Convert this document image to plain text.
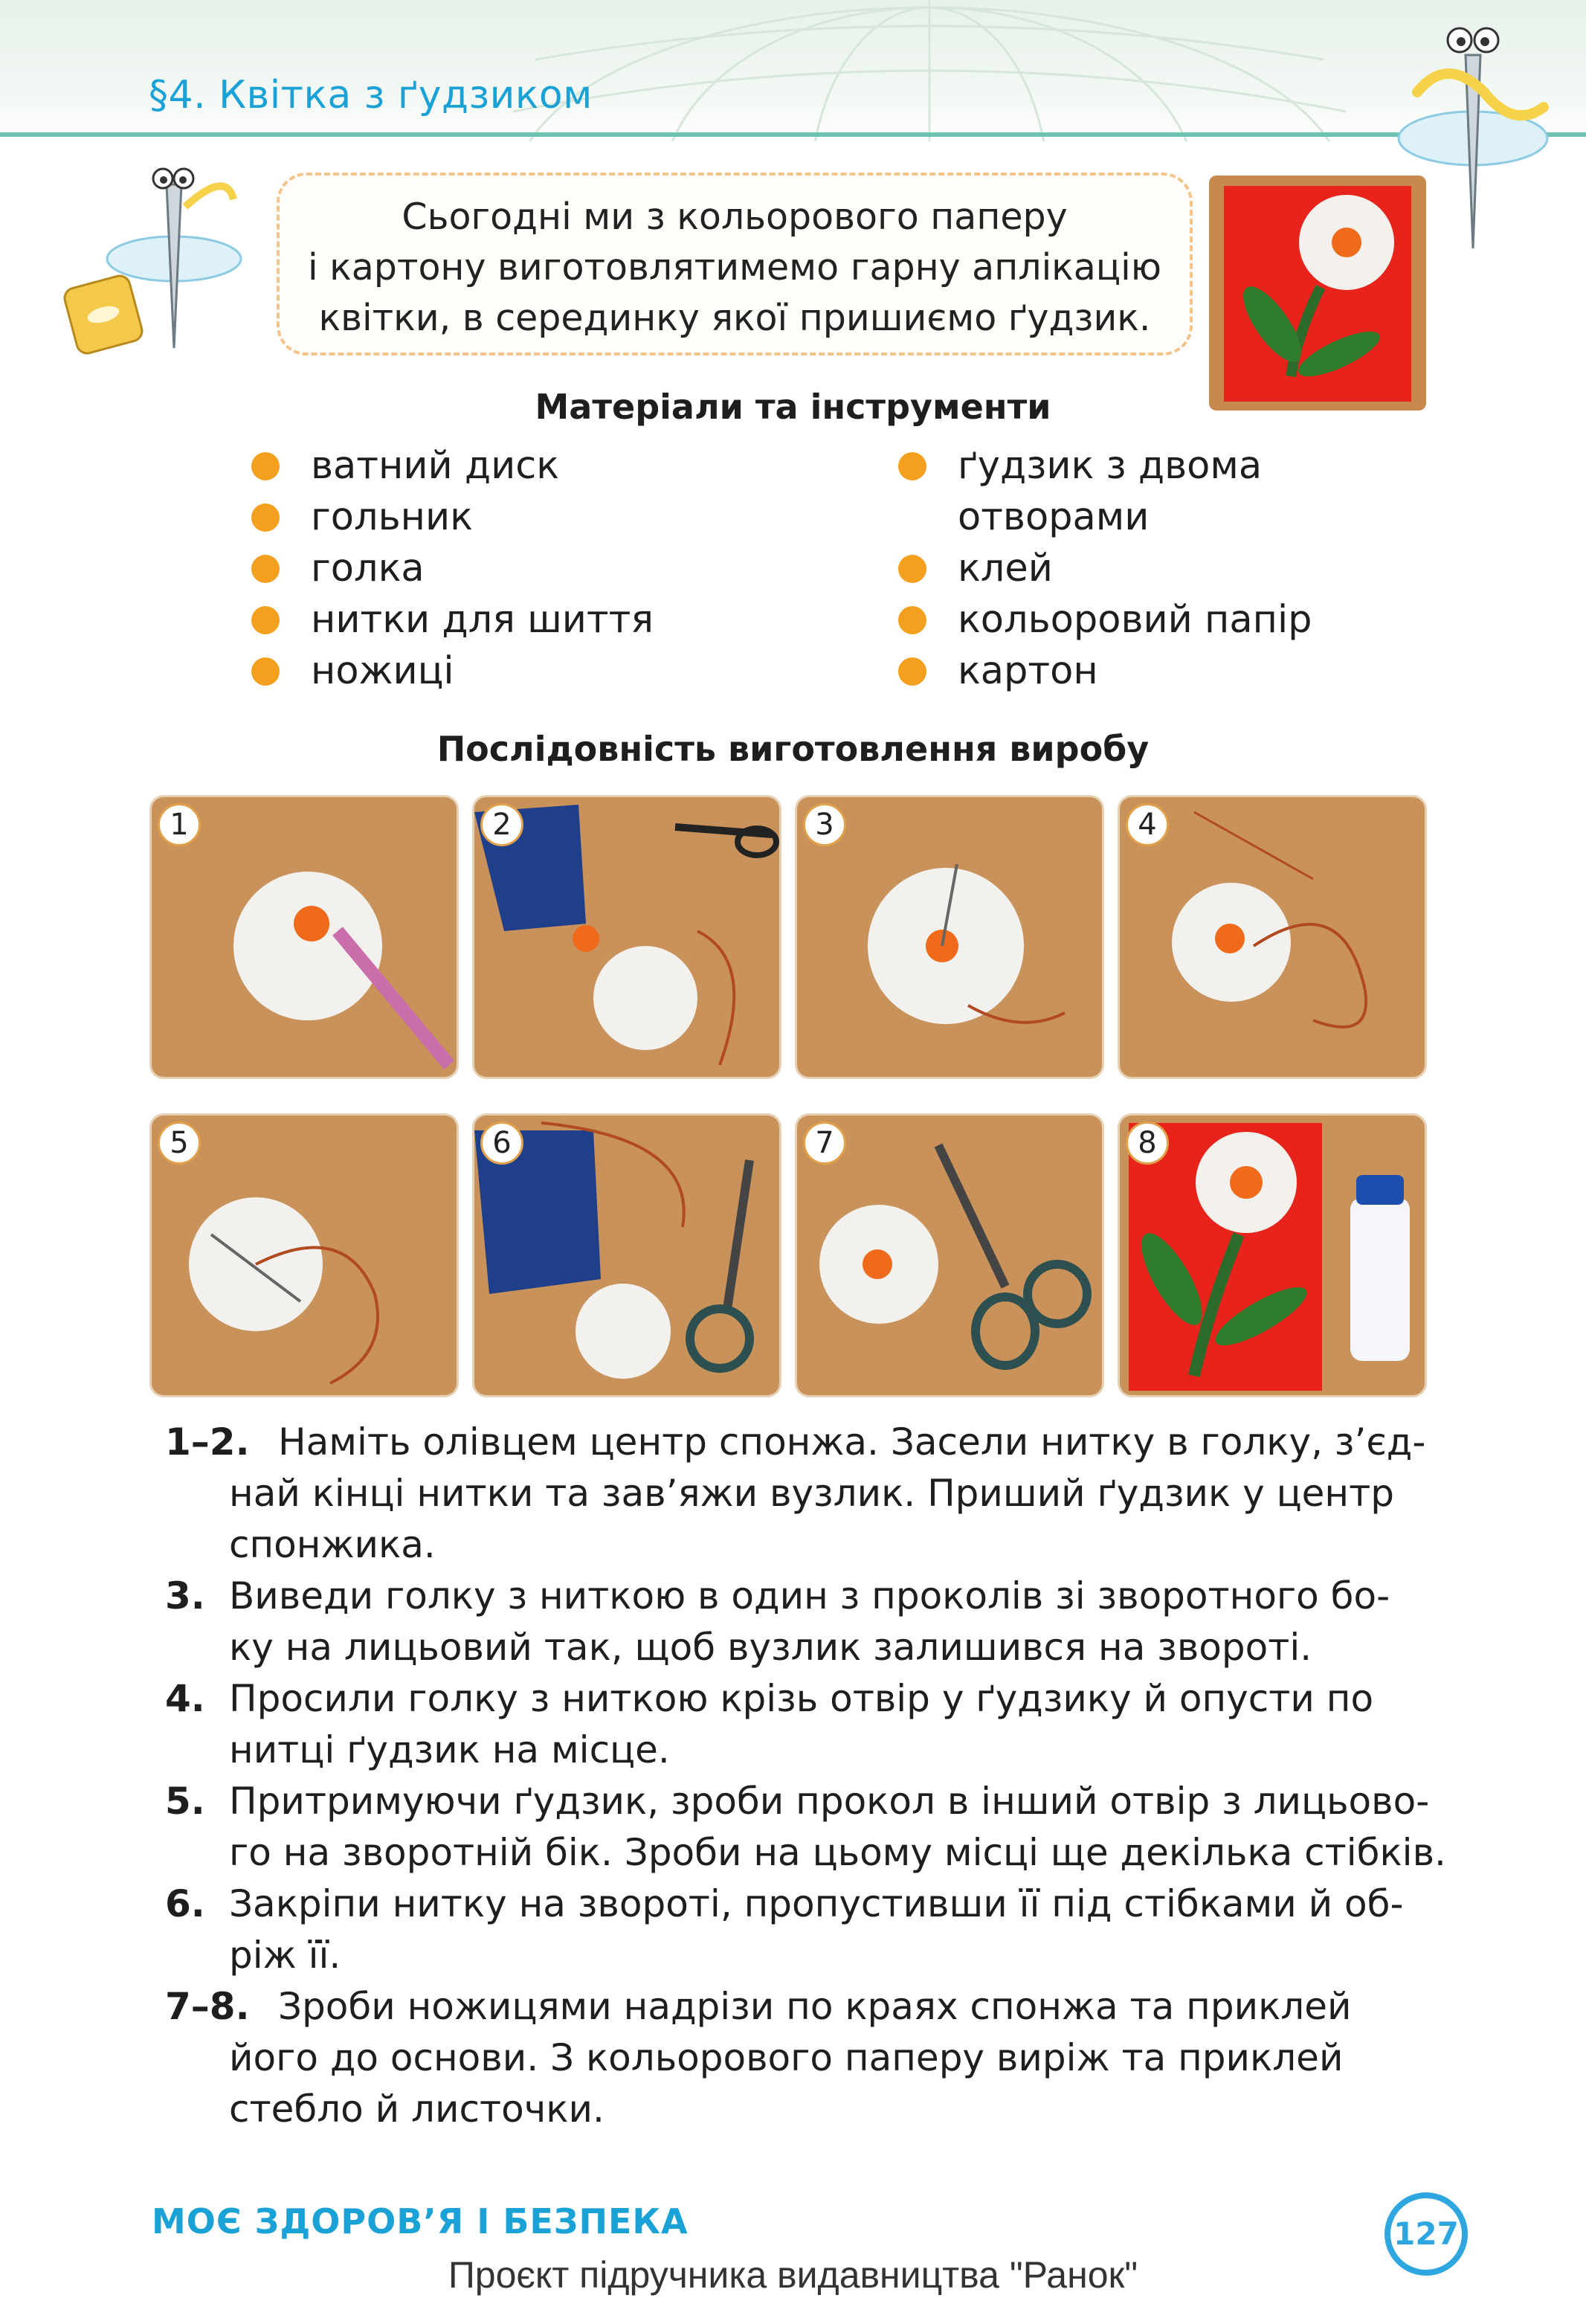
§4. Квітка з ґудзиком
Сьогодні ми з кольорового паперу
і картону виготовлятимемо гарну аплікацію
квітки, в серединку якої пришиємо ґудзик.
Матеріали та інструменти
ватний диск
гольник
голка
нитки для шиття
ножиці
ґудзик з двома
отворами
клей
кольоровий папір
картон
Послідовність виготовлення виробу
1	2	3	4
5	6	7	8
1–2. Наміть олівцем центр спонжа. Засели нитку в голку, з’єд-
най кінці нитки та зав’яжи вузлик. Приший ґудзик у центр
спонжика.
3. Виведи голку з ниткою в один з проколів зі зворотного бо-
ку на лицьовий так, щоб вузлик залишився на звороті.
4. Просили голку з ниткою крізь отвір у ґудзику й опусти по
нитці ґудзик на місце.
5. Притримуючи ґудзик, зроби прокол в інший отвір з лицьово-
го на зворотній бік. Зроби на цьому місці ще декілька стібків.
6. Закріпи нитку на звороті, пропустивши її під стібками й об-
ріж її.
7–8. Зроби ножицями надрізи по краях спонжа та приклей
його до основи. З кольорового паперу виріж та приклей
стебло й листочки.
МОЄ ЗДОРОВ’Я І БЕЗПЕКА	127
Проєкт підручника видавництва "Ранок"
